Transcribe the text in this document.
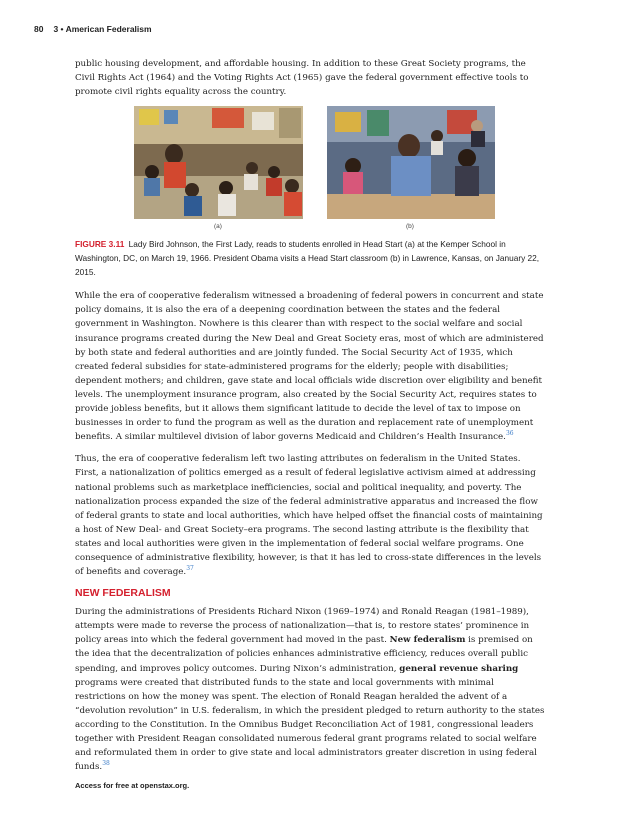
80 3 • American Federalism

public housing development, and affordable housing. In addition to these Great Society programs, the Civil Rights Act (1964) and the Voting Rights Act (1965) gave the federal government effective tools to promote civil rights equality across the country.

(a)	(b)
FIGURE 3.11 Lady Bird Johnson, the First Lady, reads to students enrolled in Head Start (a) at the Kemper School in Washington, DC, on March 19, 1966. President Obama visits a Head Start classroom (b) in Lawrence, Kansas, on January 22, 2015.

While the era of cooperative federalism witnessed a broadening of federal powers in concurrent and state policy domains, it is also the era of a deepening coordination between the states and the federal government in Washington. Nowhere is this clearer than with respect to the social welfare and social insurance programs created during the New Deal and Great Society eras, most of which are administered by both state and federal authorities and are jointly funded. The Social Security Act of 1935, which created federal subsidies for state-administered programs for the elderly; people with disabilities; dependent mothers; and children, gave state and local officials wide discretion over eligibility and benefit levels. The unemployment insurance program, also created by the Social Security Act, requires states to provide jobless benefits, but it allows them significant latitude to decide the level of tax to impose on businesses in order to fund the program as well as the duration and replacement rate of unemployment benefits. A similar multilevel division of labor governs Medicaid and Children’s Health Insurance.$^{36}$

Thus, the era of cooperative federalism left two lasting attributes on federalism in the United States. First, a nationalization of politics emerged as a result of federal legislative activism aimed at addressing national problems such as marketplace inefficiencies, social and political inequality, and poverty. The nationalization process expanded the size of the federal administrative apparatus and increased the flow of federal grants to state and local authorities, which have helped offset the financial costs of maintaining a host of New Deal- and Great Society–era programs. The second lasting attribute is the flexibility that states and local authorities were given in the implementation of federal social welfare programs. One consequence of administrative flexibility, however, is that it has led to cross-state differences in the levels of benefits and coverage.$^{37}$

NEW FEDERALISM

During the administrations of Presidents Richard Nixon (1969–1974) and Ronald Reagan (1981–1989), attempts were made to reverse the process of nationalization—that is, to restore states’ prominence in policy areas into which the federal government had moved in the past. New federalism is premised on the idea that the decentralization of policies enhances administrative efficiency, reduces overall public spending, and improves policy outcomes. During Nixon’s administration, general revenue sharing programs were created that distributed funds to the state and local governments with minimal restrictions on how the money was spent. The election of Ronald Reagan heralded the advent of a “devolution revolution” in U.S. federalism, in which the president pledged to return authority to the states according to the Constitution. In the Omnibus Budget Reconciliation Act of 1981, congressional leaders together with President Reagan consolidated numerous federal grant programs related to social welfare and reformulated them in order to give state and local administrators greater discretion in using federal funds.$^{38}$

Access for free at openstax.org.
